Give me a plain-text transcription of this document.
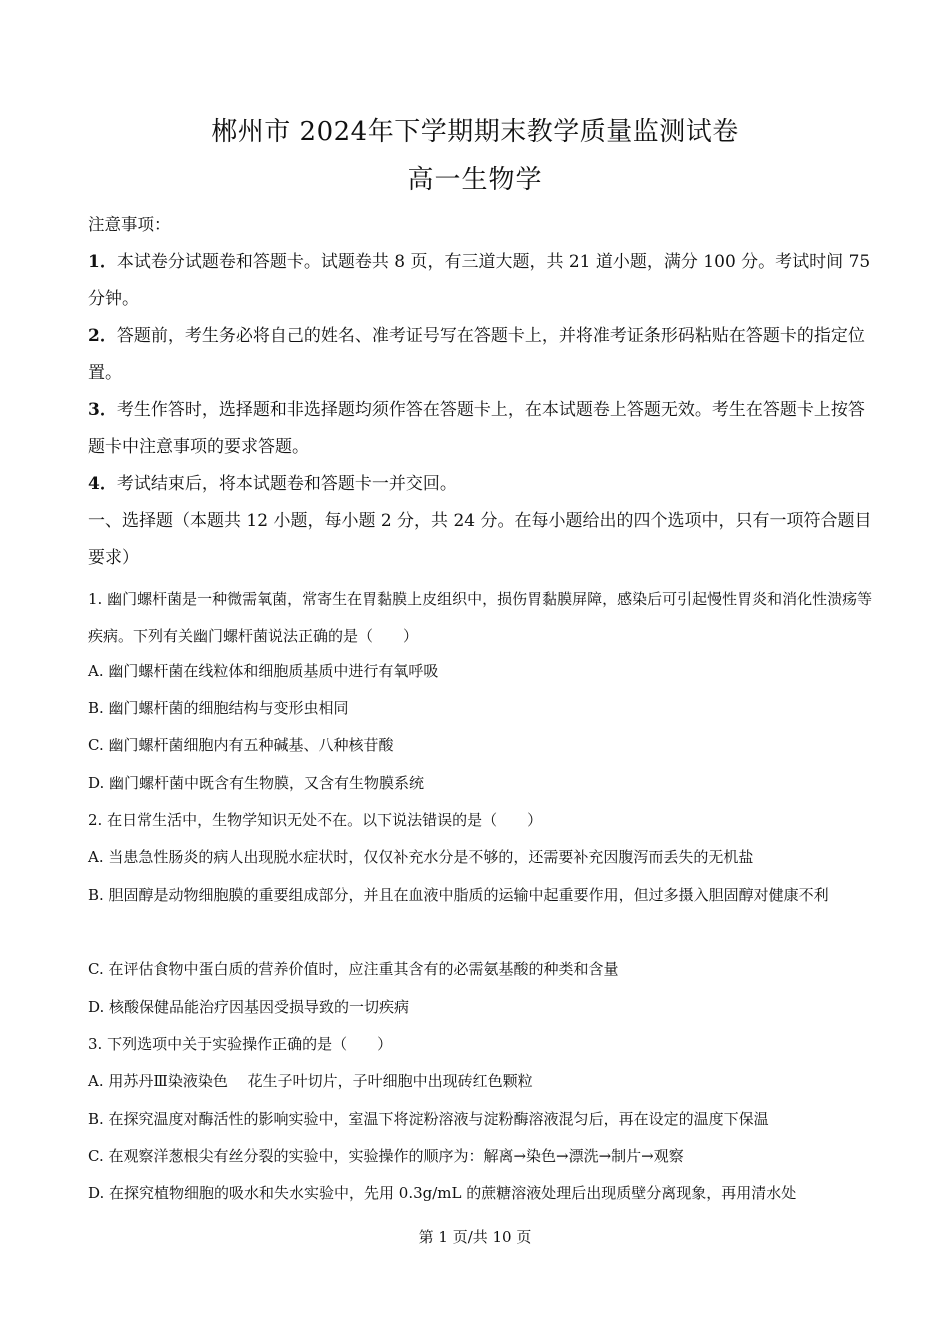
郴州市 2024年下学期期末教学质量监测试卷
高一生物学
注意事项：
1．本试卷分试题卷和答题卡。试题卷共 8 页，有三道大题，共 21 道小题，满分 100 分。考试时间 75 分钟。
2．答题前，考生务必将自己的姓名、准考证号写在答题卡上，并将准考证条形码粘贴在答题卡的指定位置。
3．考生作答时，选择题和非选择题均须作答在答题卡上，在本试题卷上答题无效。考生在答题卡上按答题卡中注意事项的要求答题。
4．考试结束后，将本试题卷和答题卡一并交回。
一、选择题（本题共 12 小题，每小题 2 分，共 24 分。在每小题给出的四个选项中，只有一项符合题目要求）
1. 幽门螺杆菌是一种微需氧菌，常寄生在胃黏膜上皮组织中，损伤胃黏膜屏障，感染后可引起慢性胃炎和消化性溃疡等疾病。下列有关幽门螺杆菌说法正确的是（　　）
A. 幽门螺杆菌在线粒体和细胞质基质中进行有氧呼吸
B. 幽门螺杆菌的细胞结构与变形虫相同
C. 幽门螺杆菌细胞内有五种碱基、八种核苷酸
D. 幽门螺杆菌中既含有生物膜，又含有生物膜系统
2. 在日常生活中，生物学知识无处不在。以下说法错误的是（　　）
A. 当患急性肠炎的病人出现脱水症状时，仅仅补充水分是不够的，还需要补充因腹泻而丢失的无机盐
B. 胆固醇是动物细胞膜的重要组成部分，并且在血液中脂质的运输中起重要作用，但过多摄入胆固醇对健康不利
C. 在评估食物中蛋白质的营养价值时，应注重其含有的必需氨基酸的种类和含量
D. 核酸保健品能治疗因基因受损导致的一切疾病
3. 下列选项中关于实验操作正确的是（　　）
A. 用苏丹Ⅲ染液染色　 花生子叶切片，子叶细胞中出现砖红色颗粒
B. 在探究温度对酶活性的影响实验中，室温下将淀粉溶液与淀粉酶溶液混匀后，再在设定的温度下保温
C. 在观察洋葱根尖有丝分裂的实验中，实验操作的顺序为：解离→染色→漂洗→制片→观察
D. 在探究植物细胞的吸水和失水实验中，先用 0.3g/mL 的蔗糖溶液处理后出现质壁分离现象，再用清水处
第 1 页/共 10 页
